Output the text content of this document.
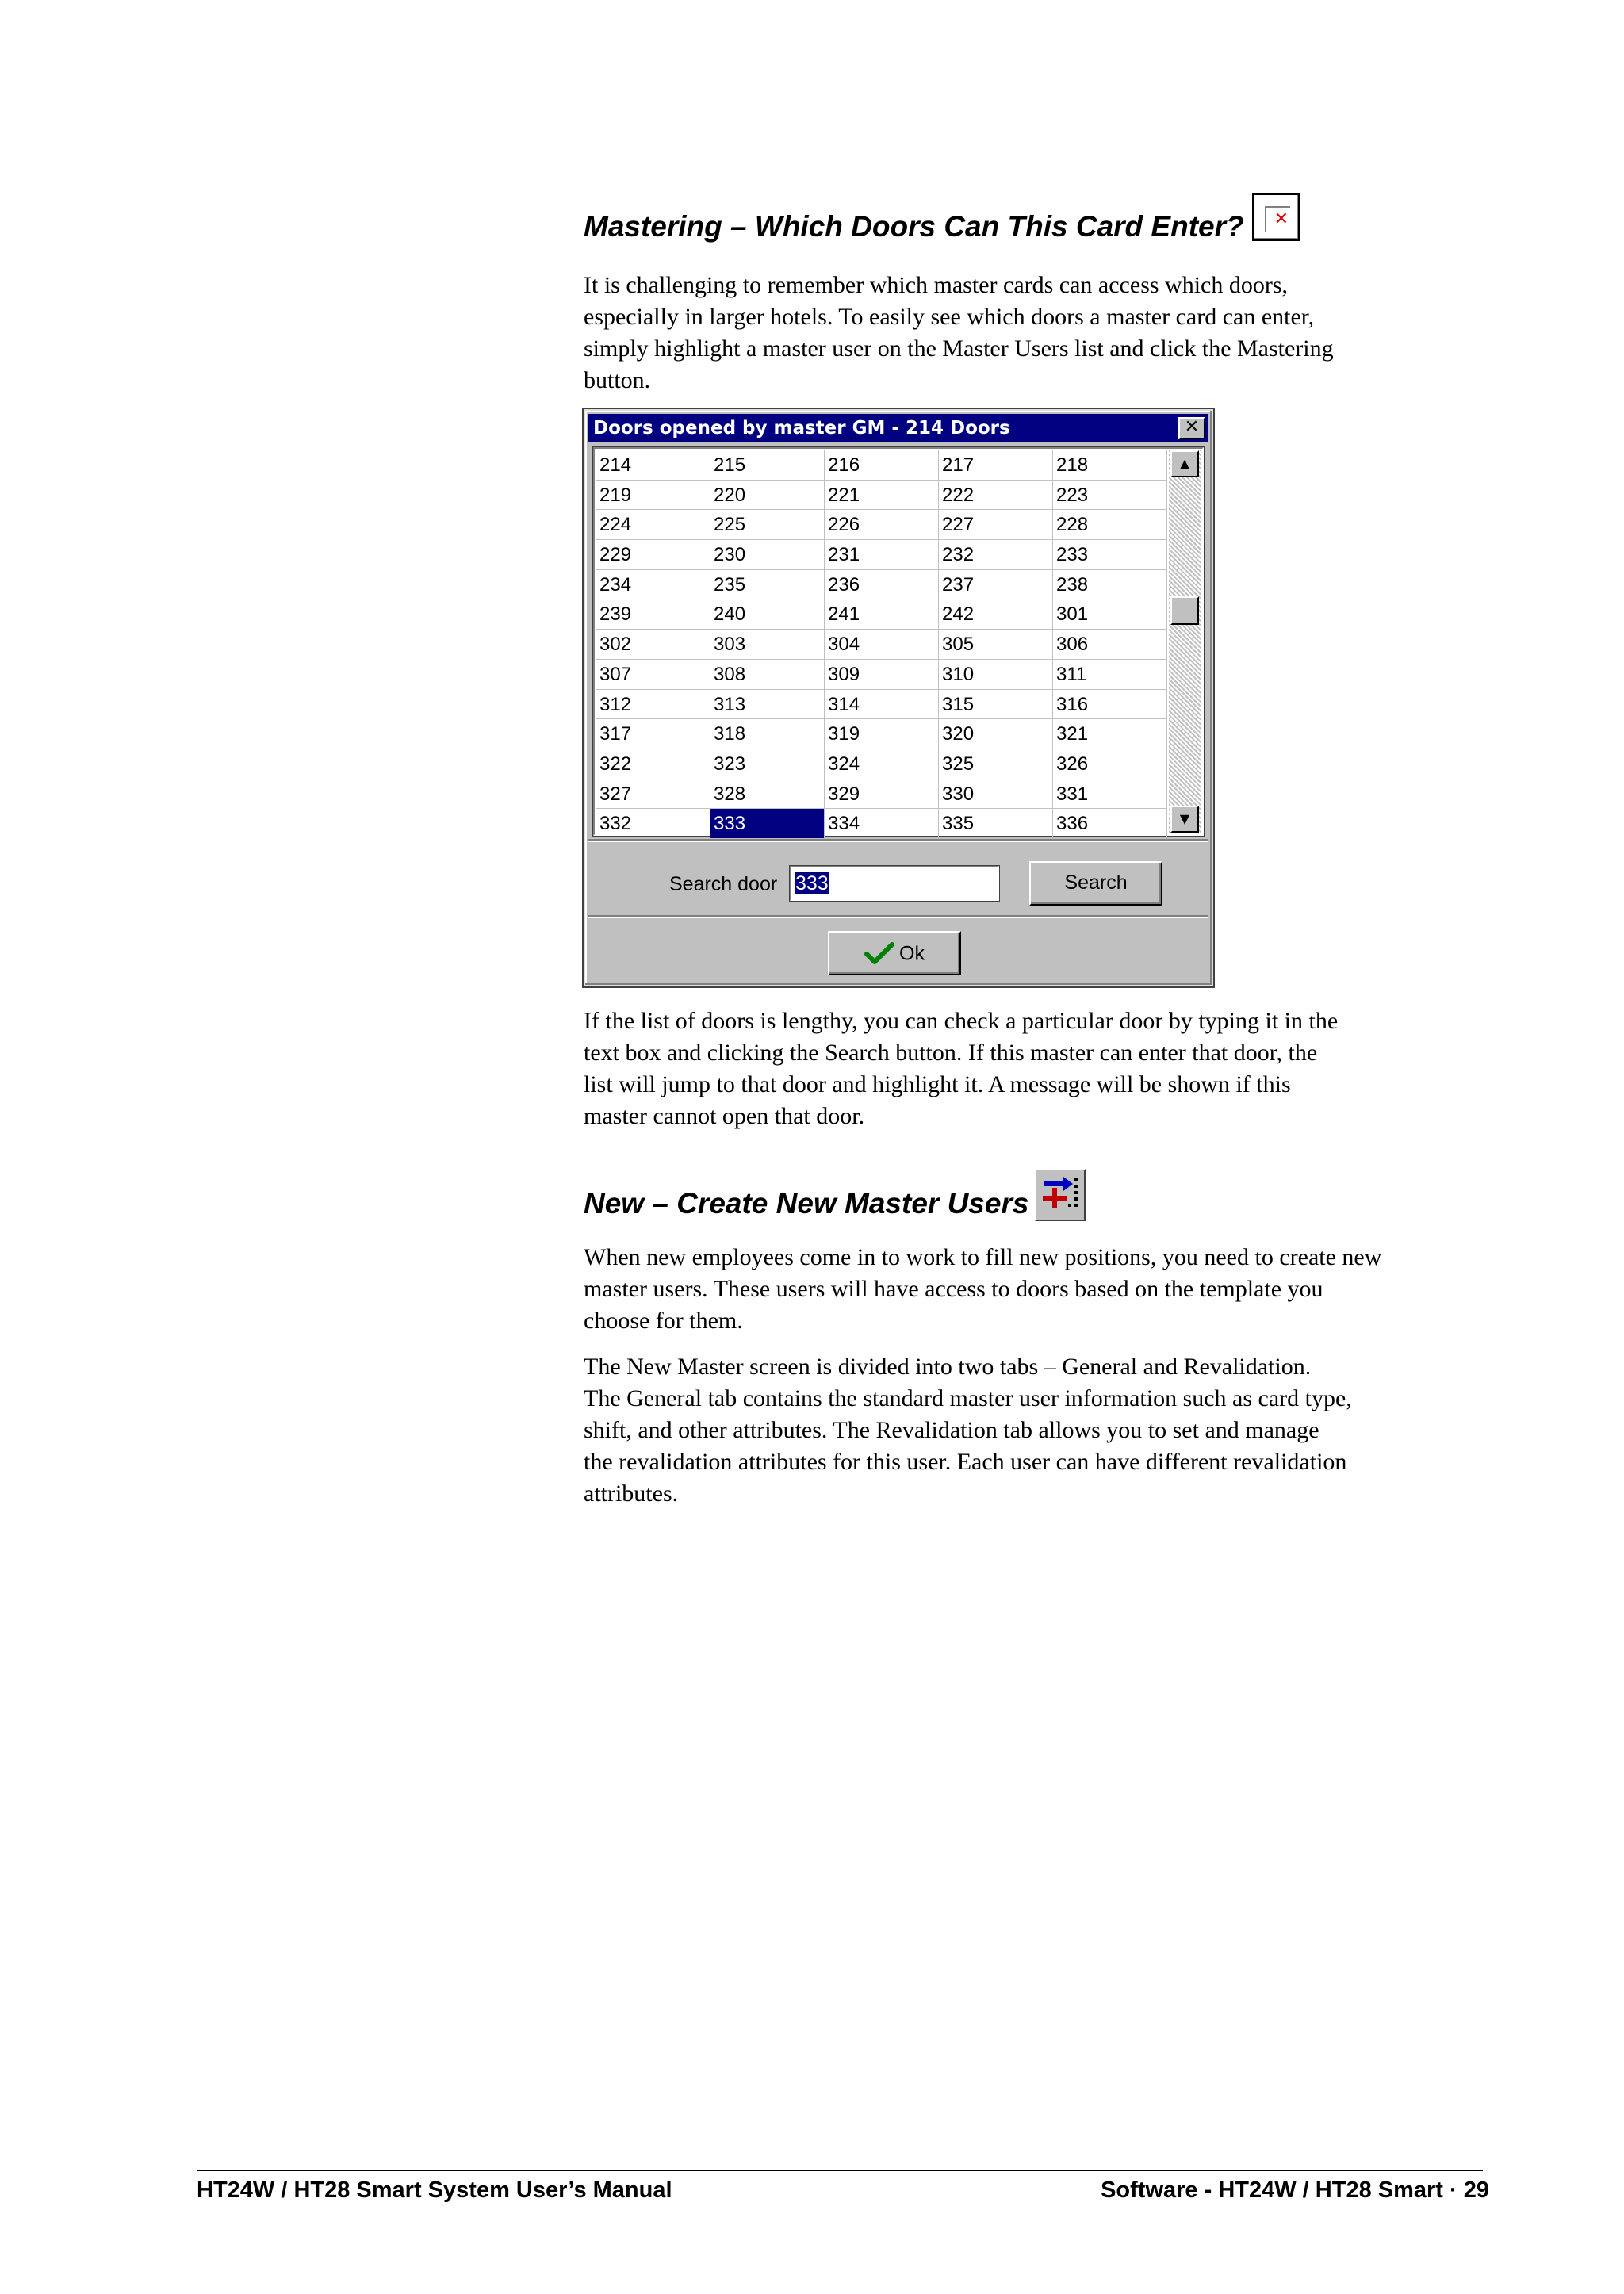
Mastering – Which Doors Can This Card Enter? ✕

It is challenging to remember which master cards can access which doors,

especially in larger hotels. To easily see which doors a master card can enter,

simply highlight a master user on the Master Users list and click the Mastering

button.

Doors opened by master GM - 214 Doors	✕
214	215	216	217	218
219	220	221	222	223
224	225	226	227	228
229	230	231	232	233
234	235	236	237	238
239	240	241	242	301
302	303	304	305	306
307	308	309	310	311
312	313	314	315	316
317	318	319	320	321
322	323	324	325	326
327	328	329	330	331
332	333	334	335	336
▲
▼
Search door 333	Search
Ok

If the list of doors is lengthy, you can check a particular door by typing it in the

text box and clicking the Search button. If this master can enter that door, the

list will jump to that door and highlight it. A message will be shown if this

master cannot open that door.

New – Create New Master Users

When new employees come in to work to fill new positions, you need to create new

master users. These users will have access to doors based on the template you

choose for them.

The New Master screen is divided into two tabs – General and Revalidation.

The General tab contains the standard master user information such as card type,

shift, and other attributes. The Revalidation tab allows you to set and manage

the revalidation attributes for this user. Each user can have different revalidation

attributes.

HT24W / HT28 Smart System User’s Manual	Software - HT24W / HT28 Smart · 29
